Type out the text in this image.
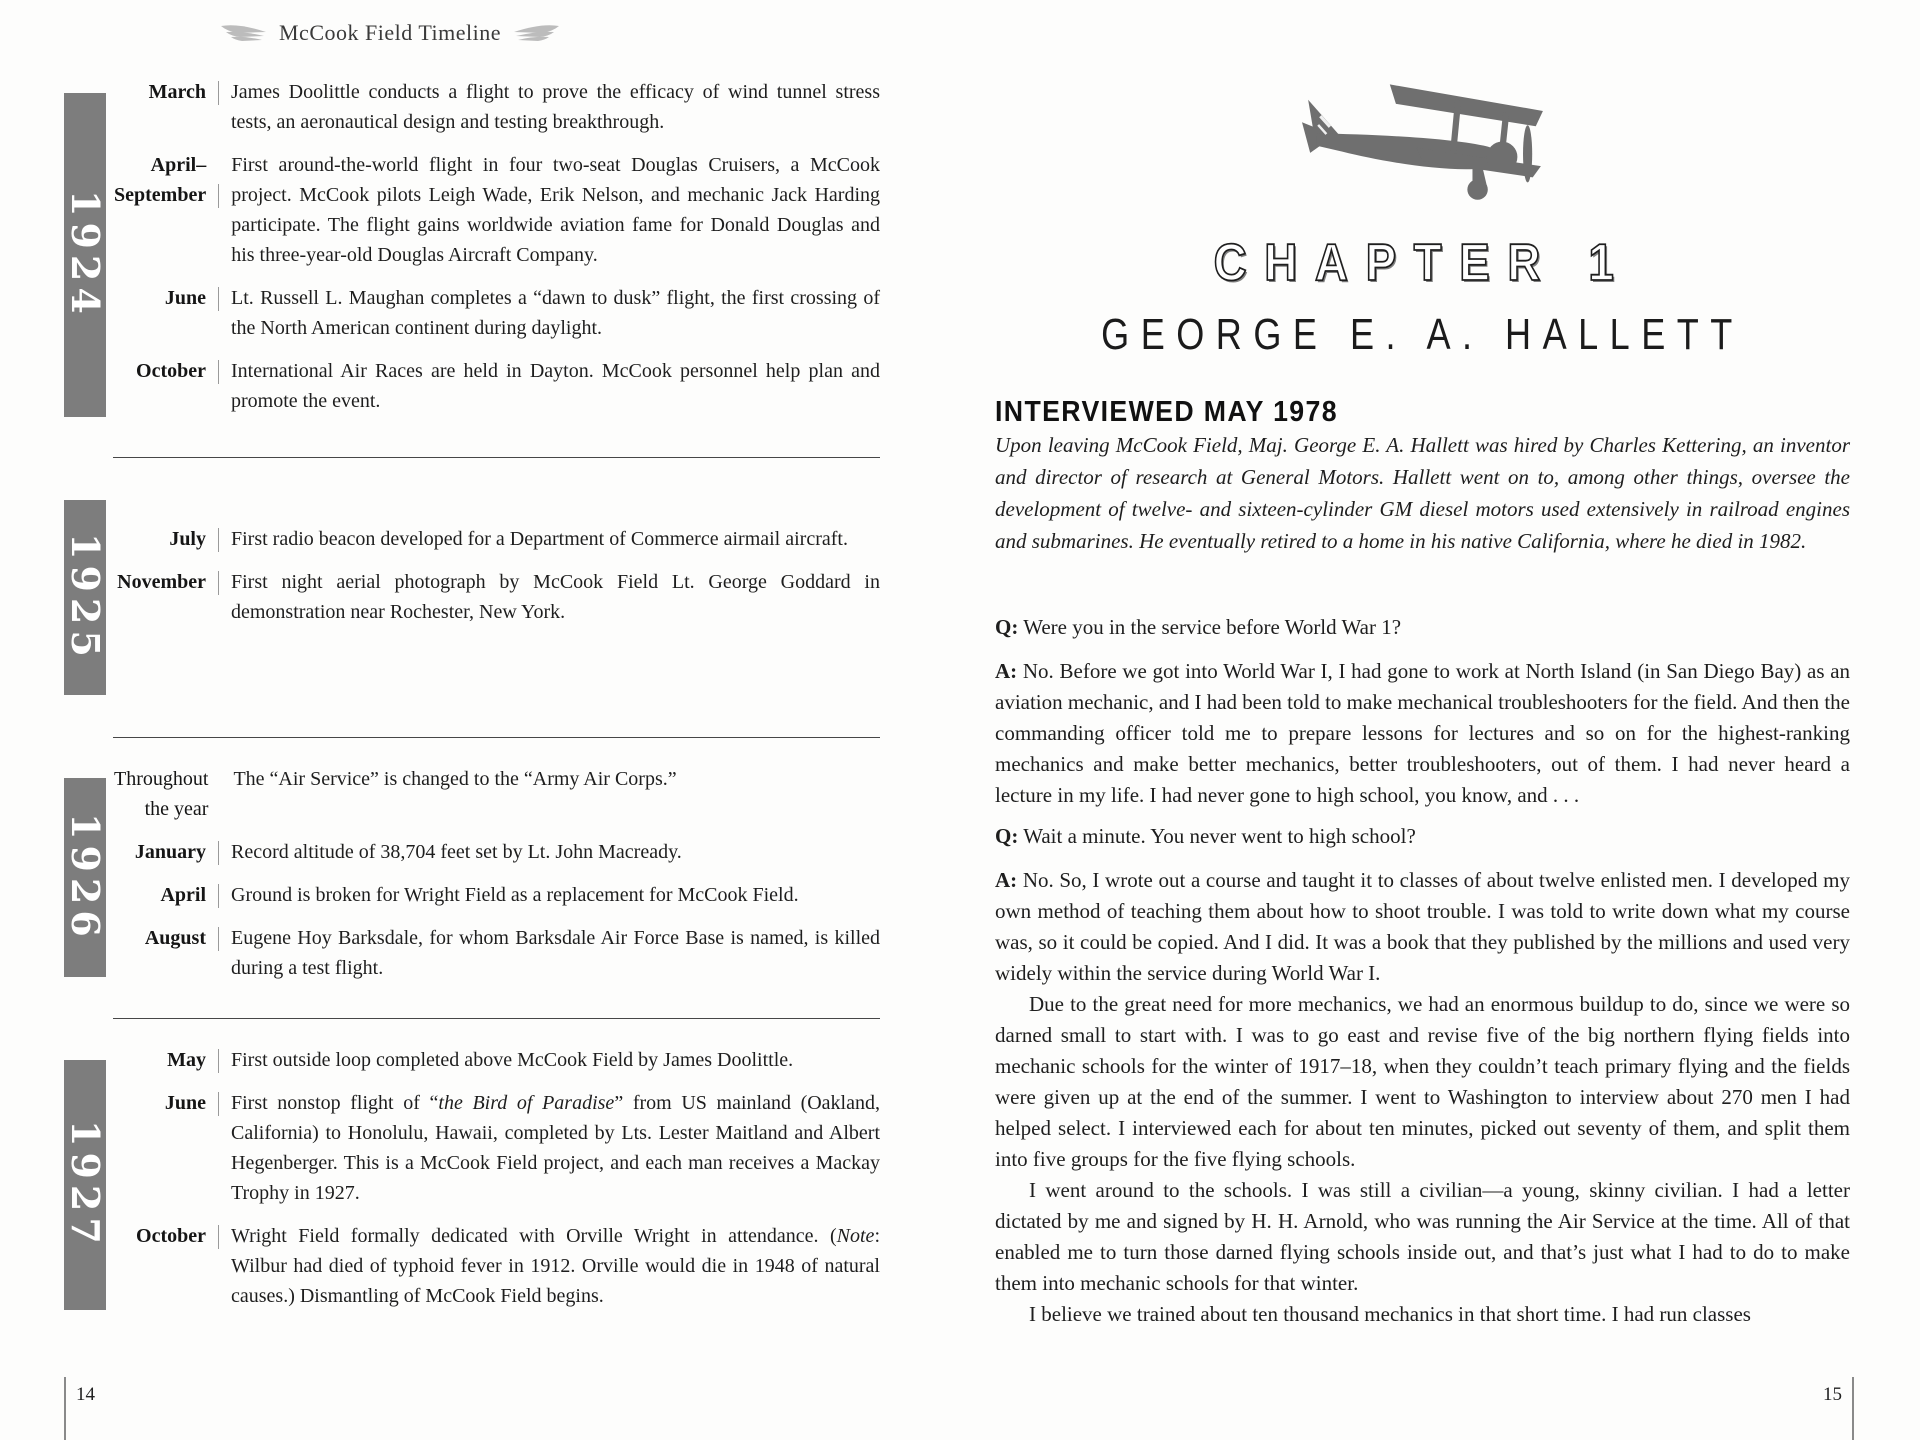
McCook Field Timeline
1924
March James Doolittle conducts a flight to prove the efficacy of wind tunnel stress tests, an aeronautical design and testing breakthrough.
April–
September
First around-the-world flight in four two-seat Douglas Cruisers, a McCook project. McCook pilots Leigh Wade, Erik Nelson, and mechanic Jack Harding participate. The flight gains worldwide aviation fame for Donald Douglas and his three-year-old Douglas Aircraft Company.
June Lt. Russell L. Maughan completes a “dawn to dusk” flight, the first crossing of the North American continent during daylight.
October International Air Races are held in Dayton. McCook personnel help plan and promote the event.
1925	July First radio beacon developed for a Department of Commerce airmail aircraft.
November First night aerial photograph by McCook Field Lt. George Goddard in demonstration near Rochester, New York.
1926
Throughout
the year
The “Air Service” is changed to the “Army Air Corps.”
January Record altitude of 38,704 feet set by Lt. John Macready.
April Ground is broken for Wright Field as a replacement for McCook Field.
August Eugene Hoy Barksdale, for whom Barksdale Air Force Base is named, is killed during a test flight.
1927
May First outside loop completed above McCook Field by James Doolittle.
June First nonstop flight of “the Bird of Paradise” from US mainland (Oakland, California) to Honolulu, Hawaii, completed by Lts. Lester Maitland and Albert Hegenberger. This is a McCook Field project, and each man receives a Mackay Trophy in 1927.
October Wright Field formally dedicated with Orville Wright in attendance. (Note: Wilbur had died of typhoid fever in 1912. Orville would die in 1948 of natural causes.) Dismantling of McCook Field begins.
14
CHAPTER 1
GEORGE E. A. HALLETT
INTERVIEWED MAY 1978
Upon leaving McCook Field, Maj. George E. A. Hallett was hired by Charles Kettering, an inventor and director of research at General Motors. Hallett went on to, among other things, oversee the development of twelve- and sixteen-cylinder GM diesel motors used extensively in railroad engines and submarines. He eventually retired to a home in his native California, where he died in 1982.

Q: Were you in the service before World War 1?

A: No. Before we got into World War I, I had gone to work at North Island (in San Diego Bay) as an aviation mechanic, and I had been told to make mechanical troubleshooters for the field. And then the commanding officer told me to prepare lessons for lectures and so on for the highest-ranking mechanics and make better mechanics, better troubleshooters, out of them. I had never heard a lecture in my life. I had never gone to high school, you know, and . . .

Q: Wait a minute. You never went to high school?

A: No. So, I wrote out a course and taught it to classes of about twelve enlisted men. I developed my own method of teaching them about how to shoot trouble. I was told to write down what my course was, so it could be copied. And I did. It was a book that they published by the millions and used very widely within the service during World War I.

Due to the great need for more mechanics, we had an enormous buildup to do, since we were so darned small to start with. I was to go east and revise five of the big northern flying fields into mechanic schools for the winter of 1917–18, when they couldn’t teach primary flying and the fields were given up at the end of the summer. I went to Washington to interview about 270 men I had helped select. I interviewed each for about ten minutes, picked out seventy of them, and split them into five groups for the five flying schools.

I went around to the schools. I was still a civilian—a young, skinny civilian. I had a letter dictated by me and signed by H. H. Arnold, who was running the Air Service at the time. All of that enabled me to turn those darned flying schools inside out, and that’s just what I had to do to make them into mechanic schools for that winter.

I believe we trained about ten thousand mechanics in that short time. I had run classes

15
